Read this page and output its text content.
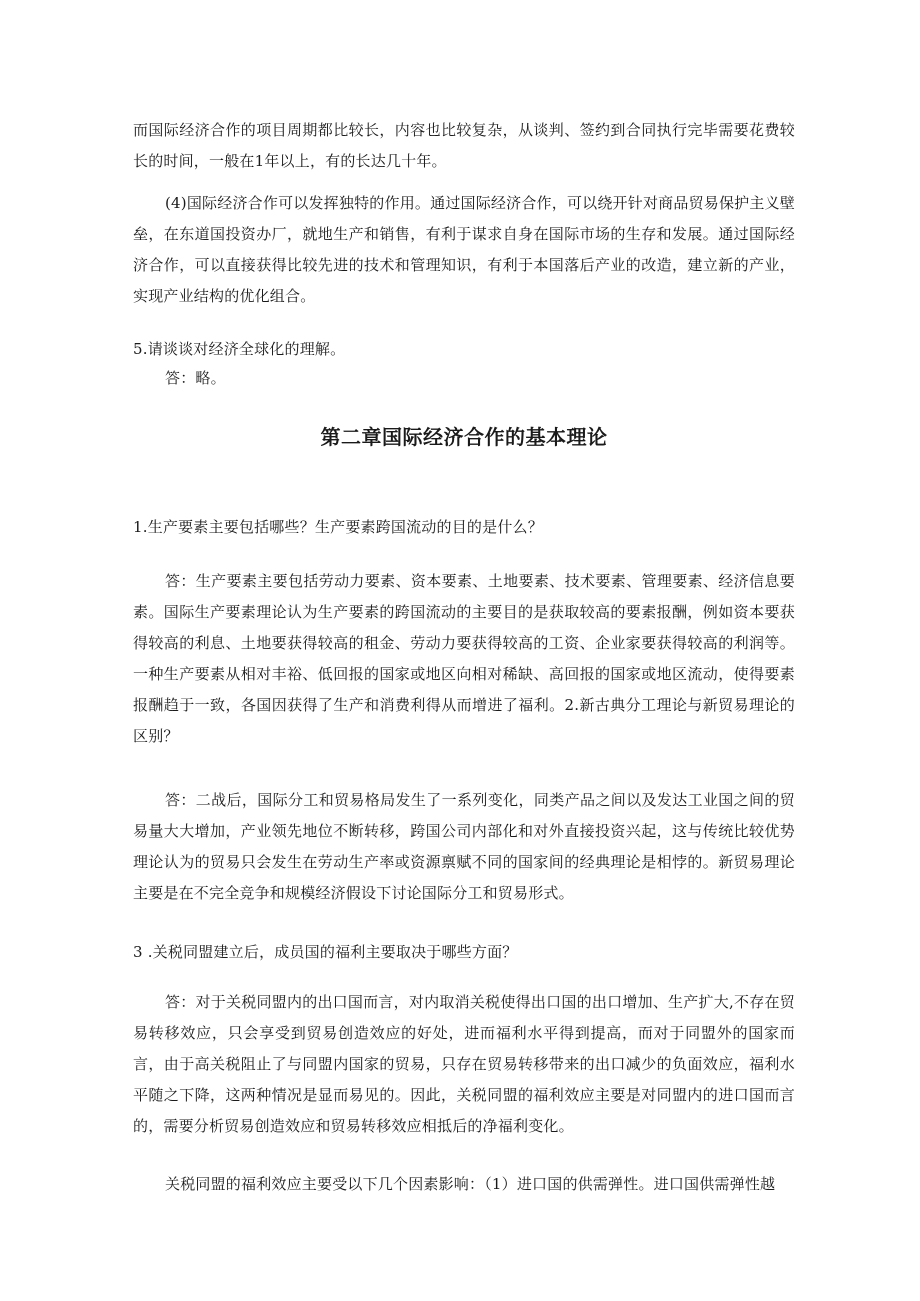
而国际经济合作的项目周期都比较长，内容也比较复杂，从谈判、签约到合同执行完毕需要花费较长的时间，一般在1年以上，有的长达几十年。

(4)国际经济合作可以发挥独特的作用。通过国际经济合作，可以绕开针对商品贸易保护主义壁垒，在东道国投资办厂，就地生产和销售，有利于谋求自身在国际市场的生存和发展。通过国际经济合作，可以直接获得比较先进的技术和管理知识，有利于本国落后产业的改造，建立新的产业，实现产业结构的优化组合。

5.请谈谈对经济全球化的理解。

答：略。

第二章国际经济合作的基本理论

1.生产要素主要包括哪些？生产要素跨国流动的目的是什么？

答：生产要素主要包括劳动力要素、资本要素、土地要素、技术要素、管理要素、经济信息要素。国际生产要素理论认为生产要素的跨国流动的主要目的是获取较高的要素报酬，例如资本要获得较高的利息、土地要获得较高的租金、劳动力要获得较高的工资、企业家要获得较高的利润等。一种生产要素从相对丰裕、低回报的国家或地区向相对稀缺、高回报的国家或地区流动，使得要素报酬趋于一致，各国因获得了生产和消费利得从而增进了福利。2.新古典分工理论与新贸易理论的区别？

答：二战后，国际分工和贸易格局发生了一系列变化，同类产品之间以及发达工业国之间的贸易量大大增加，产业领先地位不断转移，跨国公司内部化和对外直接投资兴起，这与传统比较优势理论认为的贸易只会发生在劳动生产率或资源禀赋不同的国家间的经典理论是相悖的。新贸易理论主要是在不完全竞争和规模经济假设下讨论国际分工和贸易形式。

3 .关税同盟建立后，成员国的福利主要取决于哪些方面？

答：对于关税同盟内的出口国而言，对内取消关税使得出口国的出口增加、生产扩大,不存在贸易转移效应，只会享受到贸易创造效应的好处，进而福利水平得到提高，而对于同盟外的国家而言，由于高关税阻止了与同盟内国家的贸易，只存在贸易转移带来的出口减少的负面效应，福利水平随之下降，这两种情况是显而易见的。因此，关税同盟的福利效应主要是对同盟内的进口国而言的，需要分析贸易创造效应和贸易转移效应相抵后的净福利变化。

关税同盟的福利效应主要受以下几个因素影响：（1）进口国的供需弹性。进口国供需弹性越
